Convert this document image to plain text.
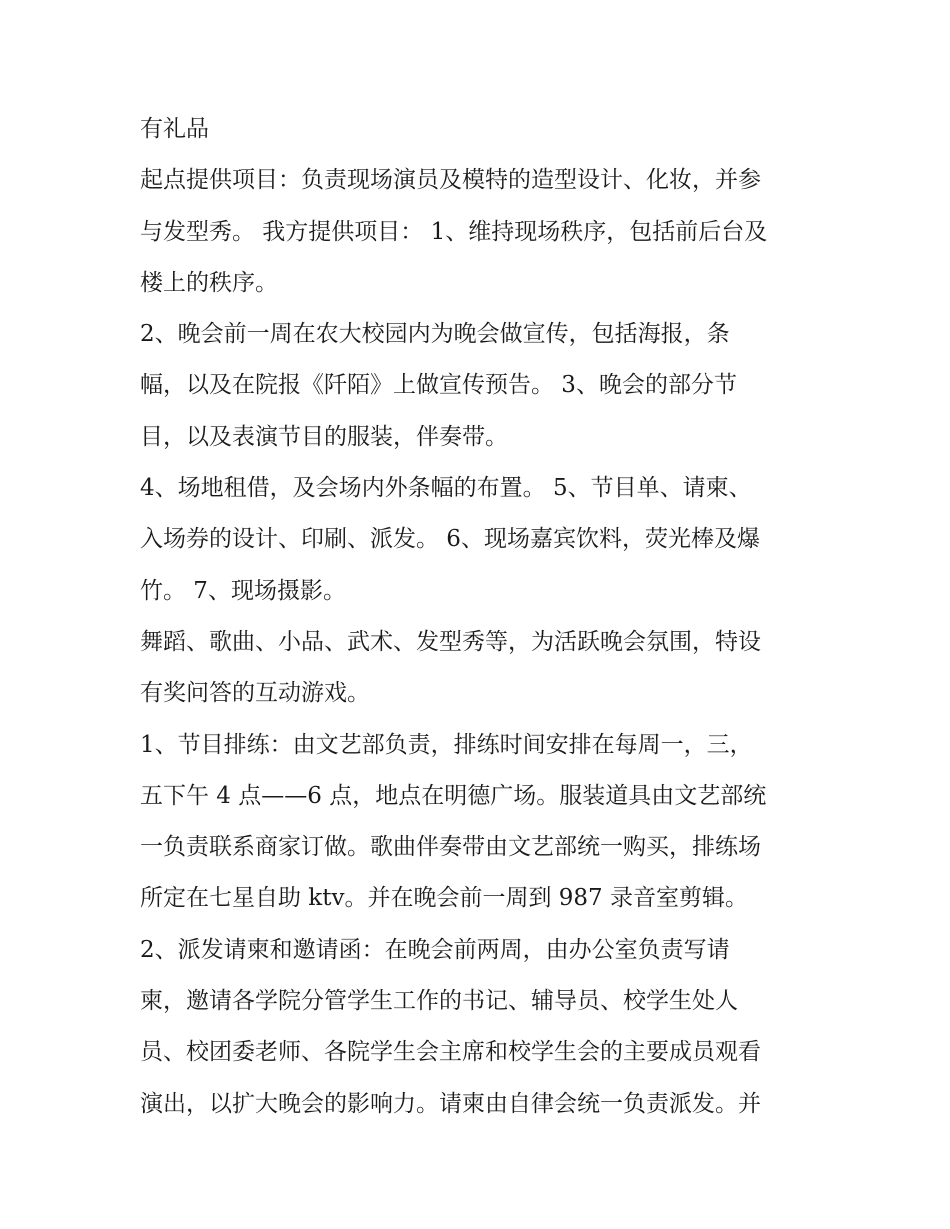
有礼品
起点提供项目：负责现场演员及模特的造型设计、化妆，并参
与发型秀。 我方提供项目： 1、维持现场秩序，包括前后台及
楼上的秩序。
2、晚会前一周在农大校园内为晚会做宣传，包括海报，条
幅，以及在院报《阡陌》上做宣传预告。 3、晚会的部分节
目，以及表演节目的服装，伴奏带。
4、场地租借，及会场内外条幅的布置。 5、节目单、请柬、
入场券的设计、印刷、派发。 6、现场嘉宾饮料，荧光棒及爆
竹。 7、现场摄影。
舞蹈、歌曲、小品、武术、发型秀等，为活跃晚会氛围，特设
有奖问答的互动游戏。
1、节目排练：由文艺部负责，排练时间安排在每周一，三，
五下午 4 点——6 点，地点在明德广场。服装道具由文艺部统
一负责联系商家订做。歌曲伴奏带由文艺部统一购买，排练场
所定在七星自助 ktv。并在晚会前一周到 987 录音室剪辑。
2、派发请柬和邀请函：在晚会前两周，由办公室负责写请
柬，邀请各学院分管学生工作的书记、辅导员、校学生处人
员、校团委老师、各院学生会主席和校学生会的主要成员观看
演出，以扩大晚会的影响力。请柬由自律会统一负责派发。并
